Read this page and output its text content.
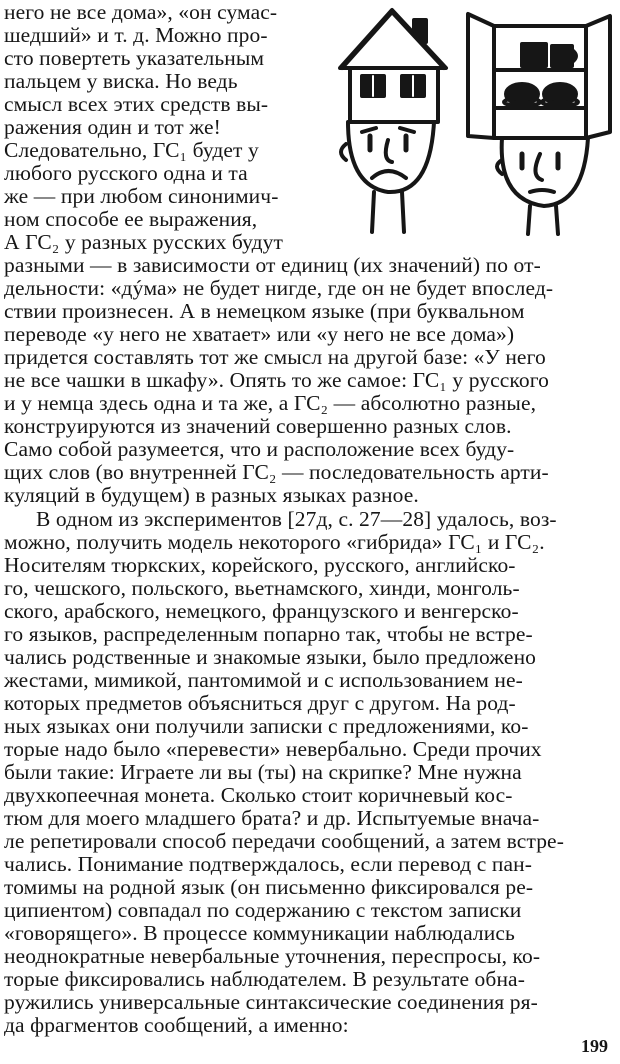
него не все дома», «он сумас-
шедший» и т. д. Можно про-
сто повертеть указательным
пальцем у виска. Но ведь
смысл всех этих средств вы-
ражения один и тот же!
Следовательно, ГС₁ будет у
любого русского одна и та
же — при любом синонимич-
ном способе ее выражения,
А ГС₂ у разных русских будут
разными — в зависимости от единиц (их значений) по от-
дельности: «дýма» не будет нигде, где он не будет впослед-
ствии произнесен. А в немецком языке (при буквальном
переводе «у него не хватает» или «у него не все дома»)
придется составлять тот же смысл на другой базе: «У него
не все чашки в шкафу». Опять то же самое: ГС₁ у русского
и у немца здесь одна и та же, а ГС₂ — абсолютно разные,
конструируются из значений совершенно разных слов.
Само собой разумеется, что и расположение всех буду-
щих слов (во внутренней ГС₂ — последовательность арти-
куляций в будущем) в разных языках разное.
В одном из экспериментов [27д, с. 27—28] удалось, воз-
можно, получить модель некоторого «гибрида» ГС₁ и ГС₂.
Носителям тюркских, корейского, русского, английско-
го, чешского, польского, вьетнамского, хинди, монголь-
ского, арабского, немецкого, французского и венгерско-
го языков, распределенным попарно так, чтобы не встре-
чались родственные и знакомые языки, было предложено
жестами, мимикой, пантомимой и с использованием не-
которых предметов объясниться друг с другом. На род-
ных языках они получили записки с предложениями, ко-
торые надо было «перевести» невербально. Среди прочих
были такие: Играете ли вы (ты) на скрипке? Мне нужна
двухкопеечная монета. Сколько стоит коричневый кос-
тюм для моего младшего брата? и др. Испытуемые внача-
ле репетировали способ передачи сообщений, а затем встре-
чались. Понимание подтверждалось, если перевод с пан-
томимы на родной язык (он письменно фиксировался ре-
ципиентом) совпадал по содержанию с текстом записки
«говорящего». В процессе коммуникации наблюдались
неоднократные невербальные уточнения, переспросы, ко-
торые фиксировались наблюдателем. В результате обна-
ружились универсальные синтаксические соединения ря-
да фрагментов сообщений, а именно:
199
